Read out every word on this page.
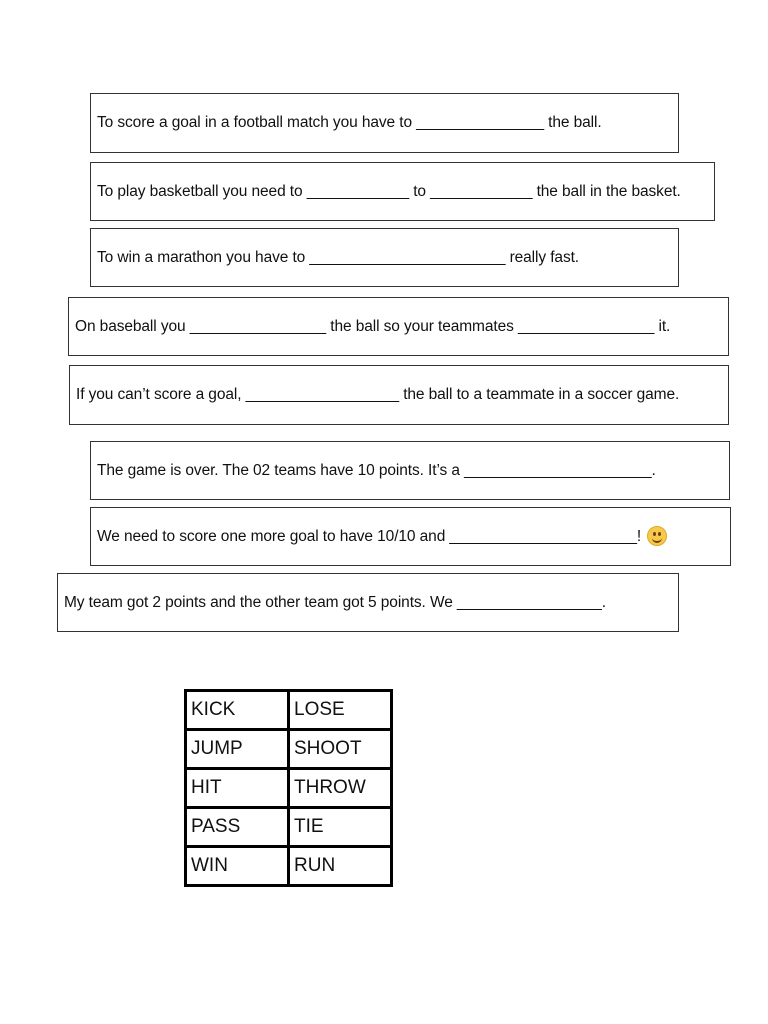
To score a goal in a football match you have to _______________ the ball.
To play basketball you need to ____________ to ____________ the ball in the basket.
To win a marathon you have to _______________________ really fast.
On baseball you ________________ the ball so your teammates ________________ it.
If you can’t score a goal, __________________ the ball to a teammate in a soccer game.
The game is over. The 02 teams have 10 points. It’s a ______________________.
We need to score one more goal to have 10/10 and ______________________!
My team got 2 points and the other team got 5 points. We _________________.
KICK	LOSE
JUMP	SHOOT
HIT	THROW
PASS	TIE
WIN	RUN
